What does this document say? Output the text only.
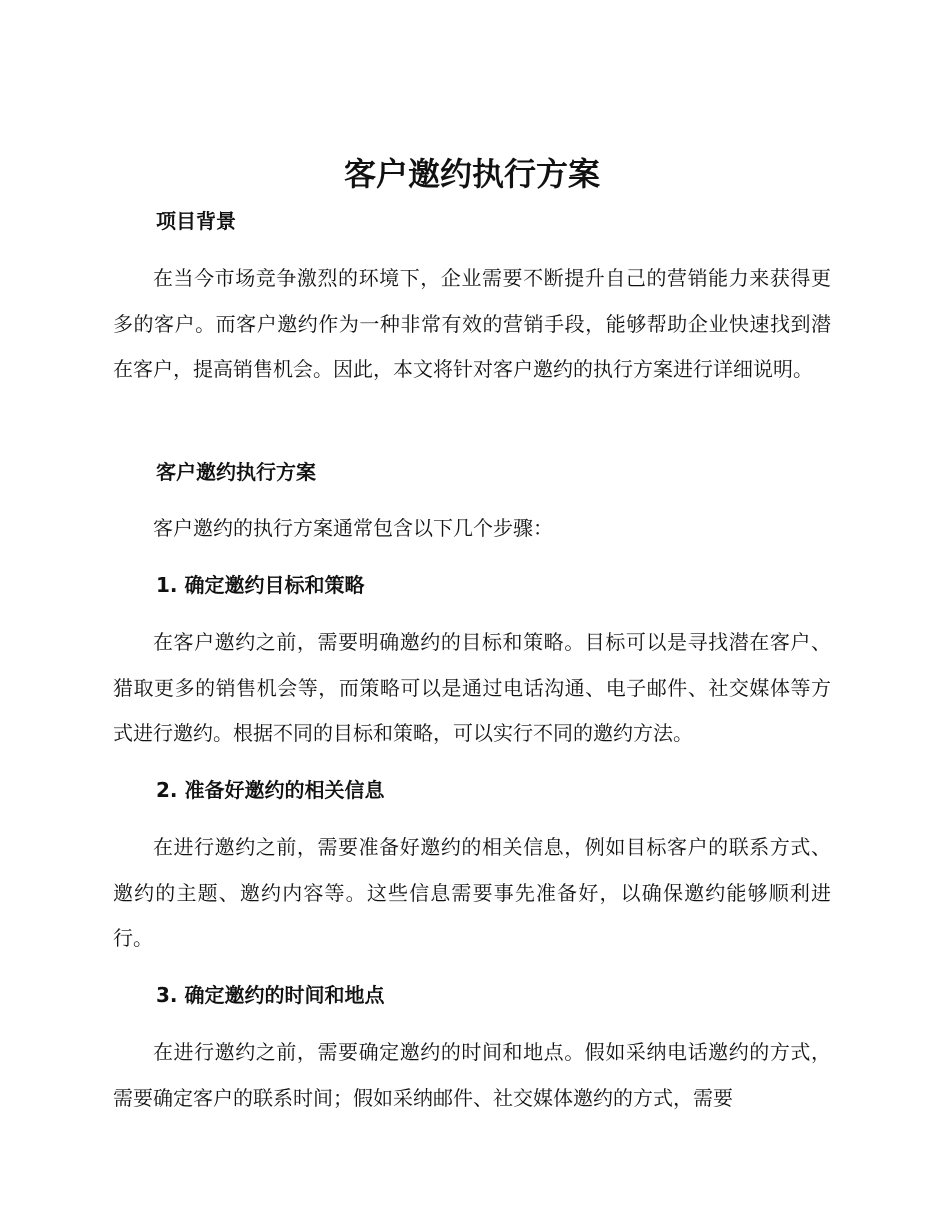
客户邀约执行方案
项目背景

在当今市场竞争激烈的环境下，企业需要不断提升自己的营销能力来获得更多的客户。而客户邀约作为一种非常有效的营销手段，能够帮助企业快速找到潜在客户，提高销售机会。因此，本文将针对客户邀约的执行方案进行详细说明。

客户邀约执行方案

客户邀约的执行方案通常包含以下几个步骤：

1. 确定邀约目标和策略

在客户邀约之前，需要明确邀约的目标和策略。目标可以是寻找潜在客户、猎取更多的销售机会等，而策略可以是通过电话沟通、电子邮件、社交媒体等方式进行邀约。根据不同的目标和策略，可以实行不同的邀约方法。

2. 准备好邀约的相关信息

在进行邀约之前，需要准备好邀约的相关信息，例如目标客户的联系方式、邀约的主题、邀约内容等。这些信息需要事先准备好，以确保邀约能够顺利进行。

3. 确定邀约的时间和地点

在进行邀约之前，需要确定邀约的时间和地点。假如采纳电话邀约的方式，需要确定客户的联系时间；假如采纳邮件、社交媒体邀约的方式，需要
